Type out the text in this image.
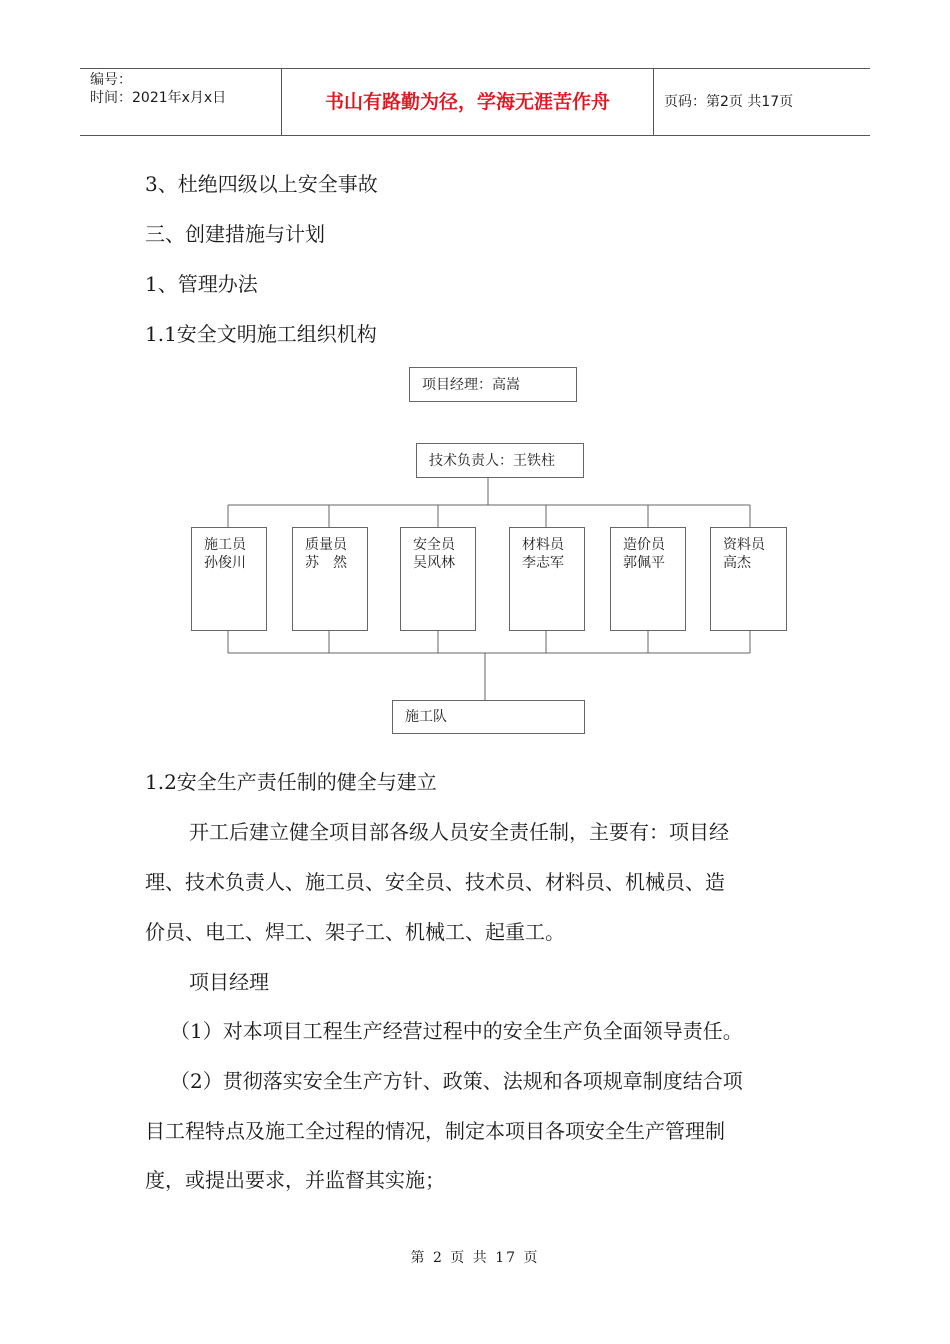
编号：
时间：2021年x月x日	书山有路勤为径，学海无涯苦作舟	页码：第2页 共17页
3、杜绝四级以上安全事故
三、创建措施与计划
1、管理办法
1.1安全文明施工组织机构
项目经理：高嵩
技术负责人：王铁柱
施工员
孙俊川
质量员
苏　然
安全员
吴风林
材料员
李志军
造价员
郭佩平
资料员
高杰
施工队
1.2安全生产责任制的健全与建立
开工后建立健全项目部各级人员安全责任制，主要有：项目经
理、技术负责人、施工员、安全员、技术员、材料员、机械员、造
价员、电工、焊工、架子工、机械工、起重工。
项目经理
（1）对本项目工程生产经营过程中的安全生产负全面领导责任。
（2）贯彻落实安全生产方针、政策、法规和各项规章制度结合项
目工程特点及施工全过程的情况，制定本项目各项安全生产管理制
度，或提出要求，并监督其实施；
第 2 页 共 17 页
